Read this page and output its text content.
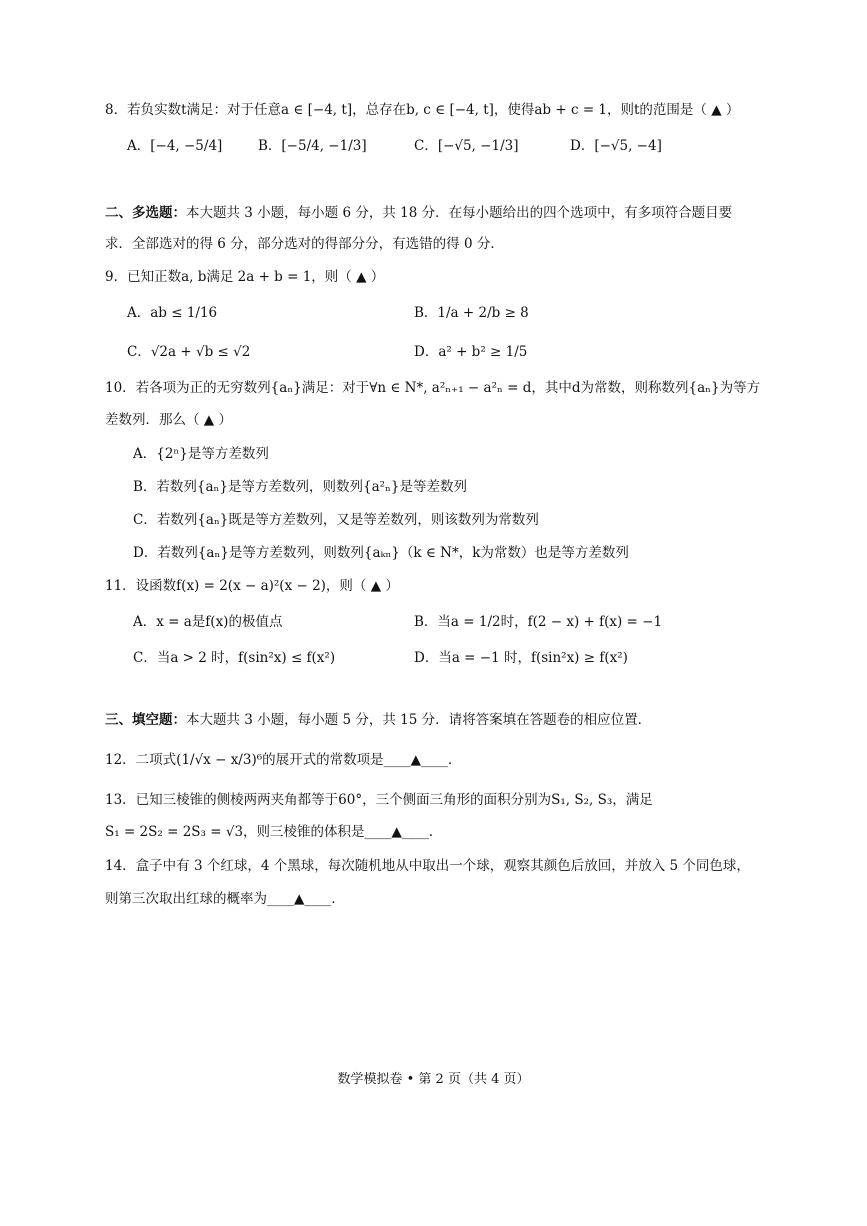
8．若负实数t满足：对于任意a ∈ [−4, t]，总存在b, c ∈ [−4, t]，使得ab + c = 1，则t的范围是（ ▲ ）
A．[−4, −5/4]	B．[−5/4, −1/3]	C．[−√5, −1/3]	D．[−√5, −4]
二、多选题：本大题共 3 小题，每小题 6 分，共 18 分．在每小题给出的四个选项中，有多项符合题目要
求．全部选对的得 6 分，部分选对的得部分分，有选错的得 0 分．
9．已知正数a, b满足 2a + b = 1，则（ ▲ ）
A．ab ≤ 1/16	B．1/a + 2/b ≥ 8
C．√2a + √b ≤ √2	D．a² + b² ≥ 1/5
10．若各项为正的无穷数列{aₙ}满足：对于∀n ∈ N*, a²ₙ₊₁ − a²ₙ = d，其中d为常数，则称数列{aₙ}为等方
差数列．那么（ ▲ ）
A．{2ⁿ}是等方差数列
B．若数列{aₙ}是等方差数列，则数列{a²ₙ}是等差数列
C．若数列{aₙ}既是等方差数列，又是等差数列，则该数列为常数列
D．若数列{aₙ}是等方差数列，则数列{aₖₙ}（k ∈ N*，k为常数）也是等方差数列
11．设函数f(x) = 2(x − a)²(x − 2)，则（ ▲ ）
A．x = a是f(x)的极值点	B．当a = 1/2时，f(2 − x) + f(x) = −1
C．当a > 2 时，f(sin²x) ≤ f(x²)	D．当a = −1 时，f(sin²x) ≥ f(x²)
三、填空题：本大题共 3 小题，每小题 5 分，共 15 分．请将答案填在答题卷的相应位置．
12．二项式(1/√x − x/3)⁶的展开式的常数项是____▲____．
13．已知三棱锥的侧棱两两夹角都等于60°，三个侧面三角形的面积分别为S₁, S₂, S₃，满足
S₁ = 2S₂ = 2S₃ = √3，则三棱锥的体积是____▲____．
14．盒子中有 3 个红球，4 个黑球，每次随机地从中取出一个球，观察其颜色后放回，并放入 5 个同色球，
则第三次取出红球的概率为____▲____．
数学模拟卷 • 第 2 页（共 4 页）
